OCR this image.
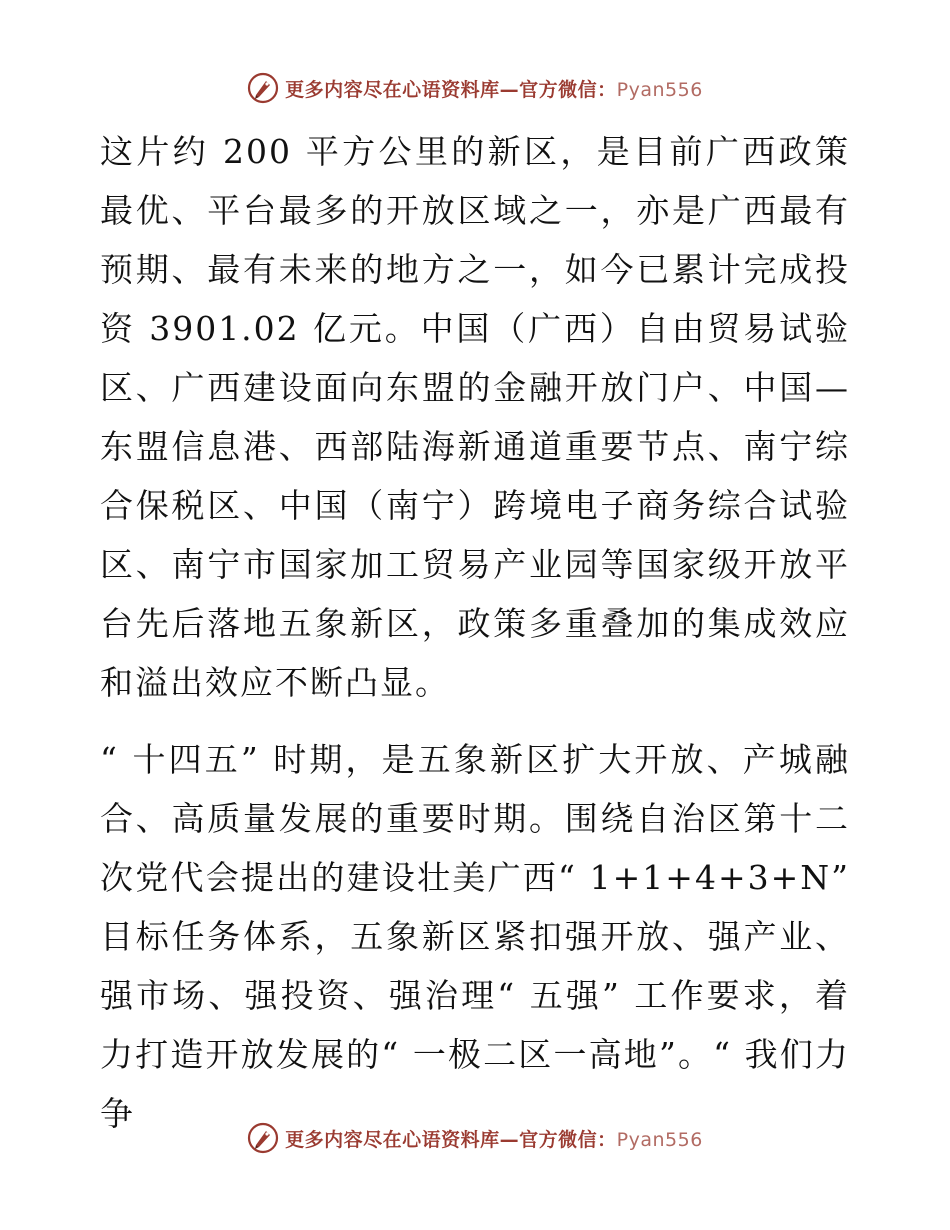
更多内容尽在心语资料库—官方微信：Pyan556

这片约 200 平方公里的新区，是目前广西政策最优、平台最多的开放区域之一，亦是广西最有预期、最有未来的地方之一，如今已累计完成投资 3901.02 亿元。中国（广西）自由贸易试验区、广西建设面向东盟的金融开放门户、中国—东盟信息港、西部陆海新通道重要节点、南宁综合保税区、中国（南宁）跨境电子商务综合试验区、南宁市国家加工贸易产业园等国家级开放平台先后落地五象新区，政策多重叠加的集成效应和溢出效应不断凸显。

“ 十四五” 时期，是五象新区扩大开放、产城融合、高质量发展的重要时期。围绕自治区第十二次党代会提出的建设壮美广西“ 1+1+4+3+N” 目标任务体系，五象新区紧扣强开放、强产业、强市场、强投资、强治理“ 五强” 工作要求，着力打造开放发展的“ 一极二区一高地”。“ 我们力争

更多内容尽在心语资料库—官方微信：Pyan556
